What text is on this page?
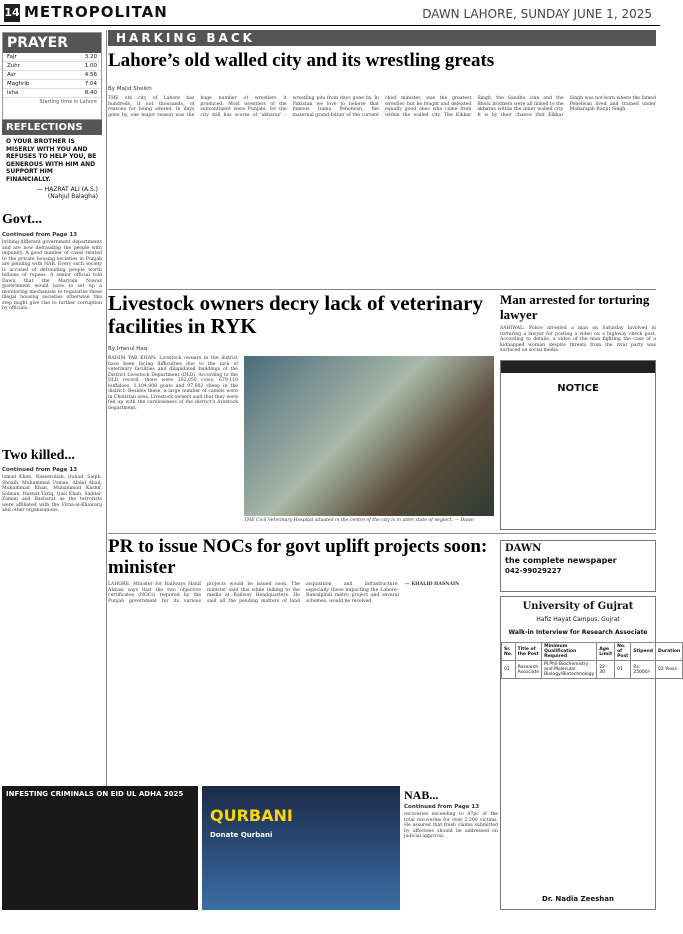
14 METROPOLITAN	DAWN LAHORE, SUNDAY JUNE 1, 2025
PRAYER
Fajr	3.20
Zuhr	1.00
Asr	4.56
Maghrib	7.04
Isha	8.40
Starting time in Lahore
REFLECTIONS
O YOUR BROTHER IS MISERLY WITH YOU AND REFUSES TO HELP YOU, BE GENEROUS WITH HIM AND SUPPORT HIM FINANCIALLY.
— HAZRAT ALI (A.S.)
(Nahjul Balagha)
Govt...
Continued from Page 13
bribing different government departments and are now defrauding the people with impunity. A good number of cases related to the private housing societies in Punjab are pending with NAB. Every such society is accused of defrauding people worth billions of rupees. A senior official told Dawn that the Maryam Nawaz government would have to set up a monitoring mechanism to regularise these illegal housing societies otherwise this step might give rise to further corruption by officials.
HARKING BACK
Lahore’s old walled city and its wrestling greats
By Majid Sheikh
THE old city of Lahore has hundreds, if not thousands, of reasons for being adored. In days gone by, one major reason was the huge number of wrestlers it produced. Most wrestlers of the subcontinent were Punjabi, for the city still has scores of 'akharas' – wrestling pits from days gone by. In Pakistan we love to believe that famous Gama Pehelwan, the maternal grand-father of the current chief minister, was the greatest wrestler, but he fought and defeated equally good ones who came from within the walled city. The Kikkar Singh, the Sandhu clan and the Bholu brothers were all linked to the akharas within the inner walled city. It is by their chance that Kikkar Singh was not born where the famed Pehelwan lived and trained under Maharajah Ranjit Singh.
Livestock owners decry lack of veterinary facilities in RYK
By Irfanul Haq
RAHIM YAR KHAN: Livestock owners in the district have been facing difficulties due to the lack of veterinary facilities and dilapidated buildings of the District Livestock Department (DLD). According to the DLD record, there were 202,050 cows, 679,110 buffaloes, 1,104,808 goats and 97,602 sheep in the district. Besides these, a large number of camels were in Cholistan area. Livestock owners said that they were fed up with the carelessness of the district's livestock department.
THE Civil Veterinary Hospital situated in the centre of the city is in utter state of neglect. — Dawn
Two killed...
Continued from Page 13
Ismail Khan, Naseerullah, Irshad, Saqib, Shoaib, Muhammad Usman, Abdul Ahad, Muhammad Khan, Muhammad Kashif, Salman, Hasnat Tariq, Qasi Khan, Saddar, Zaman and Basharat as the terrorists were affiliated with the Fitna-al-Khawarij and other organisations.
Man arrested for torturing lawyer
SAHIWAL: Police arrested a man on Saturday involved in torturing a lawyer for posting a video on a highway check post. According to details, a video of the man fighting the case of a kidnapped woman despite threats from the rival party was surfaced on social media.
NOTICE
PR to issue NOCs for govt uplift projects soon: minister
LAHORE: Minister for Railways Hanif Abbasi says that the two objective certificates (NOCs) required by the Punjab government for its various projects would be issued soon. The minister said this while talking to the media at Railway Headquarters. He said all the pending matters of land acquisition and infrastructure, especially those impacting the Lahore–Rawalpindi metro project and several schemes, would be resolved.
— KHALID HASNAIN
DAWN
the complete newspaper
042-99029227
University of Gujrat
Hafiz Hayat Campus, Gujrat
Walk-in Interview for Research Associate
Sr. No.	Title of the Post	Minimum Qualification Required	Age Limit	No. of Post	Stipend	Duration
01	Research Associate	M.Phil Biochemistry and Molecular Biology/Biotechnology	22-30	01	Rs. 25000/-	02 Years
Dr. Nadia Zeeshan
NAB...
Continued from Page 13
recoveries exceeding to 47pc of the total recoveries for over 2,200 victims. He assured that fresh claims submitted by affectees should be addressed on judicial approval.
INFESTING CRIMINALS ON EID UL ADHA 2025
QURBANI
Donate Qurbani
